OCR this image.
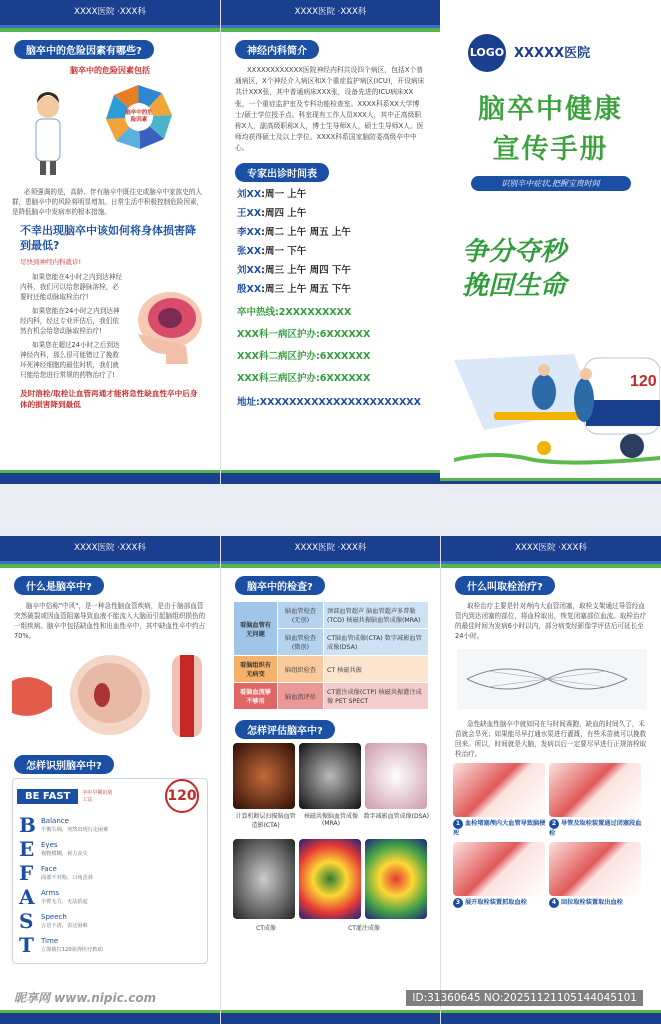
XXXX医院 ·XXX科
脑卒中的危险因素有哪些?
脑卒中的危险因素包括
脑卒中的危险因素
必须强调的是，高龄、伴有脑卒中既往史或脑卒中家族史的人群，患脑卒中的风险将明显增加。日常生活中积极控制危险因素，是降低脑卒中发病率的根本措施。
不幸出现脑卒中该如何将身体损害降到最低?
尽快到神经内科就诊!
如果您能在4小时之内到达神经内科，我们可以给您静脉溶栓，必要时还能动脉取栓治疗!
如果您能在24小时之内到达神经内科，经过专业评估后，我们依然有机会给您动脉取栓治疗!
如果您在超过24小时之后到达神经内科，那么很可能错过了挽救坏死神经细胞的最佳时机，我们就只能给您进行常规的药物治疗了!
及时溶栓/取栓让血管再通才能将急性缺血性卒中后身体的损害降到最低
XXXX医院 ·XXX科
神经内科简介
XXXXXXXXXXXX医院神经内科共设四个病区，包括X个普通病区，X个神经介入病区和X个重症监护病区(ICU)，开设病床共计XXX张，其中普通病床XXX张，设备先进的ICU病床XX张，一个重症监护室及专科功能检查室。XXXX科系XX大学博士/硕士学位授予点。科室现有工作人员XXX人，其中正高级职称X人，副高级职称X人，博士生导师X人，硕士生导师X人。医师均获得硕士及以上学位。XXXX科系国家脑防委高级卒中中心。
专家出诊时间表
刘XX:周一 上午
王XX:周四 上午
李XX:周二 上午 周五 上午
张XX:周一 下午
刘XX:周三 上午 周四 下午
殷XX:周三 上午 周五 下午
卒中热线:2XXXXXXXXX
XXX科一病区护办:6XXXXXX
XXX科二病区护办:6XXXXXX
XXX科三病区护办:6XXXXXX
地址:XXXXXXXXXXXXXXXXXXXXXX
LOGO XXXXX医院
脑卒中健康
宣传手册
识别卒中症状,把握宝贵时间
争分夺秒
挽回生命
120
XXXX医院 ·XXX科
什么是脑卒中?
脑卒中俗称"中风"，是一种急性脑血管疾病，是由于脑部血管突然破裂或因血管阻塞导致血液不能流入大脑而引起脑组织损伤的一组疾病。脑卒中包括缺血性和出血性卒中，其中缺血性卒中约占70%。
怎样识别脑卒中?
BE FAST	卒中早期识别工具	120
B Balance
平衡失调，突然出现行走困难
E Eyes
视物模糊，视力丧失
F	Face
面部不对称，口角歪斜
A Arms
手臂无力，无法抬起
S	Speech
言语不清，表达困难
T	Time
立即拨打120获得医疗救助
XXXX医院 ·XXX科
脑卒中的检查?
看脑血管有无问题	脑血管检查(无创)	颈部血管超声 脑血管超声多普勒(TCD) 核磁共振脑血管成像(MRA)
	脑血管检查(微创)	CT脑血管成像(CTA) 数字减影血管成像(DSA)
看脑组织有无病变	脑组织检查	CT 核磁共振
看脑血流够不够用	脑血流评估	CT灌注成像(CTP) 核磁共振灌注成像 PET SPECT
怎样评估脑卒中?
计算机断层扫描脑血管造影(CTA)
核磁共振脑血管成像(MRA)
数字减影血管成像(DSA)
CT成像	CT灌注成像
XXXX医院 ·XXX科
什么叫取栓治疗?
取栓治疗主要是针对颅内大血管闭塞，取栓支架通过导管经血管内到达闭塞的部位，将血栓取出，恢复闭塞部位血流。取栓治疗的最佳时间为发病6小时以内，部分病变经影像学评估后可延长至24小时。
急性缺血性脑卒中就如同在与时间赛跑，缺血的时间久了，禾苗就会旱死；如果能尽早打通水渠进行灌溉，有些禾苗就可以挽救回来。所以，时间就是大脑，发病以后一定要尽早进行正规溶栓取栓治疗。
1 血栓堵塞颅内大血管导致脑梗死
2 导管及取栓装置通过闭塞段血栓
3 展开取栓装置抓取血栓	4 回拉取栓装置取出血栓
昵享网 www.nipic.com	ID:31360645 NO:20251121105144045101
